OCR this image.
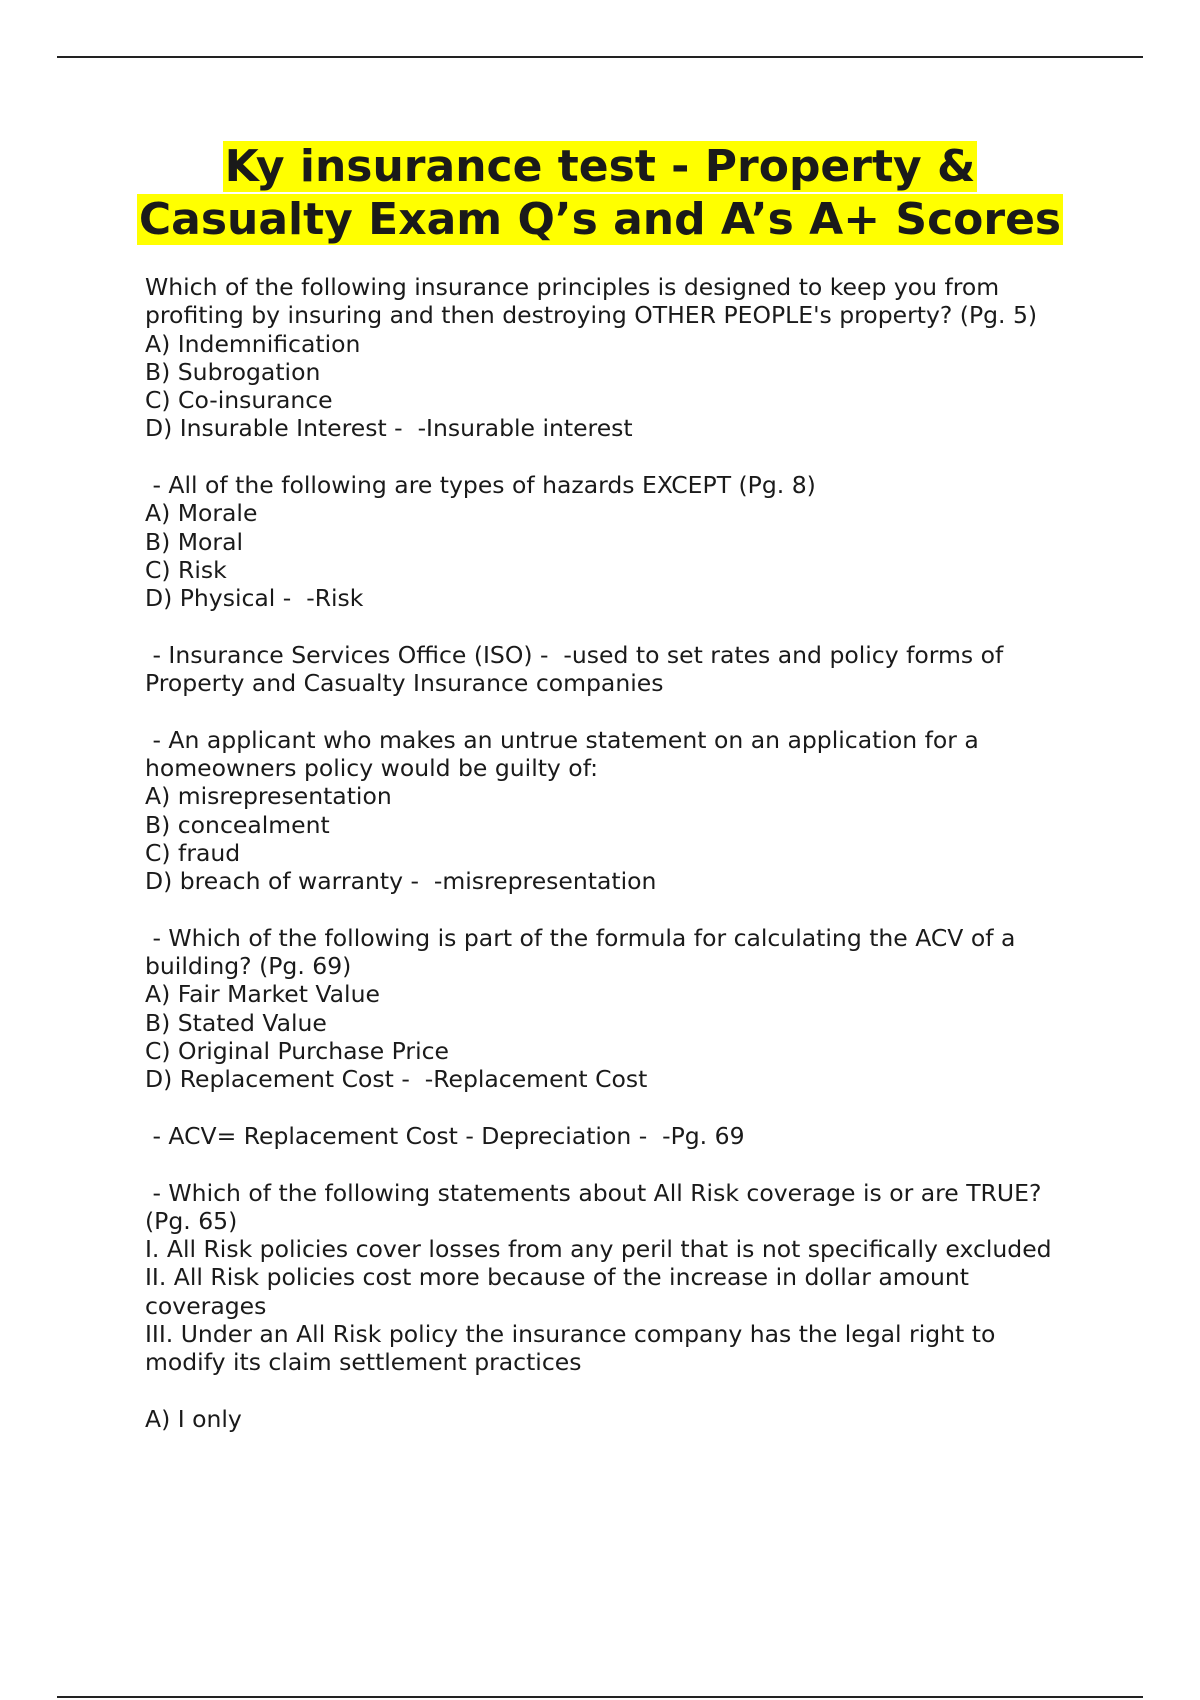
Ky insurance test - Property &
Casualty Exam Q’s and A’s A+ Scores
Which of the following insurance principles is designed to keep you from
profiting by insuring and then destroying OTHER PEOPLE's property? (Pg. 5)
A) Indemnification
B) Subrogation
C) Co-insurance
D) Insurable Interest -  -Insurable interest
- All of the following are types of hazards EXCEPT (Pg. 8)
A) Morale
B) Moral
C) Risk
D) Physical -  -Risk
- Insurance Services Office (ISO) -  -used to set rates and policy forms of
Property and Casualty Insurance companies
- An applicant who makes an untrue statement on an application for a
homeowners policy would be guilty of:
A) misrepresentation
B) concealment
C) fraud
D) breach of warranty -  -misrepresentation
- Which of the following is part of the formula for calculating the ACV of a
building? (Pg. 69)
A) Fair Market Value
B) Stated Value
C) Original Purchase Price
D) Replacement Cost -  -Replacement Cost
- ACV= Replacement Cost - Depreciation -  -Pg. 69
- Which of the following statements about All Risk coverage is or are TRUE?
(Pg. 65)
I. All Risk policies cover losses from any peril that is not specifically excluded
II. All Risk policies cost more because of the increase in dollar amount
coverages
III. Under an All Risk policy the insurance company has the legal right to
modify its claim settlement practices
A) I only
